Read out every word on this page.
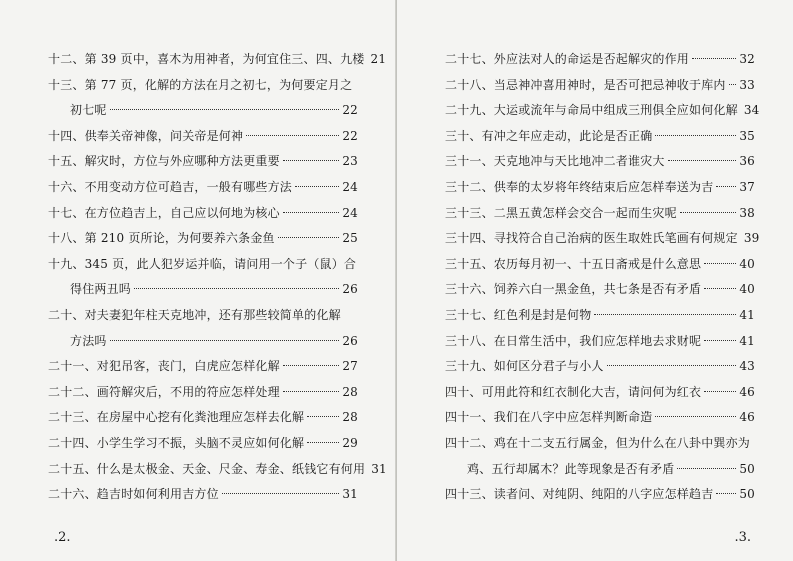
十二、第 39 页中，喜木为用神者，为何宜住三、四、九楼 21
十三、第 77 页，化解的方法在月之初七，为何要定月之
初七呢	22
十四、供奉关帝神像，问关帝是何神	22
十五、解灾时，方位与外应哪种方法更重要	23
十六、不用变动方位可趋吉，一般有哪些方法	24
十七、在方位趋吉上，自己应以何地为核心	24
十八、第 210 页所论，为何要养六条金鱼	25
十九、345 页，此人犯岁运并临，请问用一个子（鼠）合
得住两丑吗	26
二十、对夫妻犯年柱天克地冲，还有那些较简单的化解
方法吗	26
二十一、对犯吊客，丧门，白虎应怎样化解	27
二十二、画符解灾后，不用的符应怎样处理	28
二十三、在房屋中心挖有化粪池理应怎样去化解	28
二十四、小学生学习不振，头脑不灵应如何化解	29
二十五、什么是太极金、天金、尺金、寿金、纸钱它有何用 31
二十六、趋吉时如何利用吉方位	31
.2.
二十七、外应法对人的命运是否起解灾的作用	32
二十八、当忌神冲喜用神时，是否可把忌神收于库内 33
二十九、大运或流年与命局中组成三刑俱全应如何化解 34
三十、有冲之年应走动，此论是否正确	35
三十一、天克地冲与天比地冲二者谁灾大	36
三十二、供奉的太岁将年终结束后应怎样奉送为吉 37
三十三、二黑五黄怎样会交合一起而生灾呢	38
三十四、寻找符合自己治病的医生取姓氏笔画有何规定 39
三十五、农历每月初一、十五日斋戒是什么意思	40
三十六、饲养六白一黑金鱼，共七条是否有矛盾	40
三十七、红色利是封是何物	41
三十八、在日常生活中，我们应怎样地去求财呢	41
三十九、如何区分君子与小人	43
四十、可用此符和红衣制化大吉，请问何为红衣	46
四十一、我们在八字中应怎样判断命造	46
四十二、鸡在十二支五行属金，但为什么在八卦中巽亦为
鸡、五行却属木？此等现象是否有矛盾	50
四十三、读者问、对纯阴、纯阳的八字应怎样趋吉 50
.3.
